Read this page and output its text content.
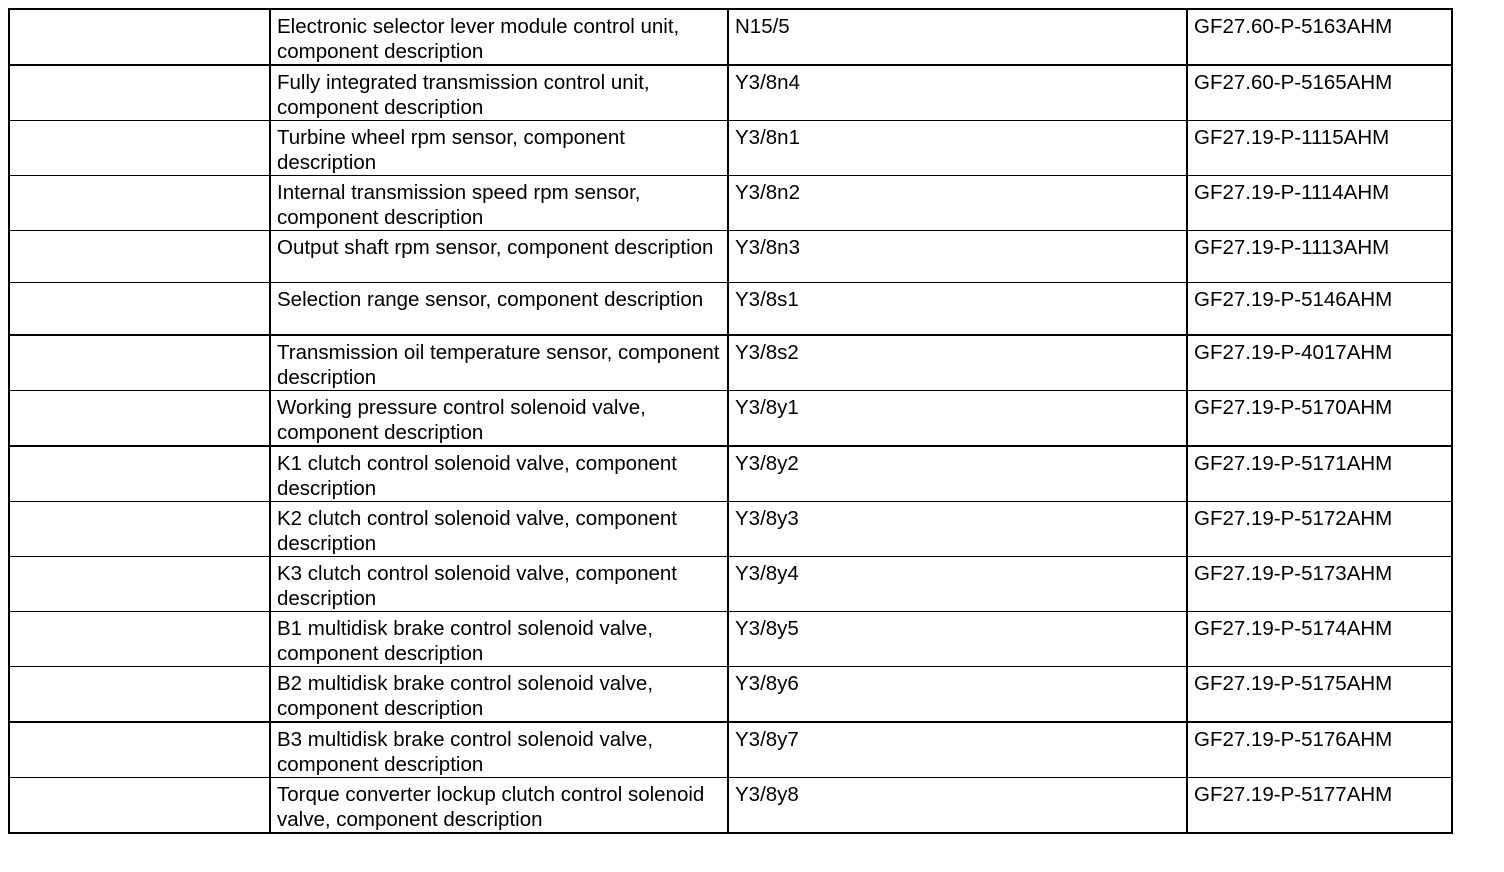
	Electronic selector lever module control unit, component description	N15/5	GF27.60-P-5163AHM
	Fully integrated transmission control unit, component description	Y3/8n4	GF27.60-P-5165AHM
	Turbine wheel rpm sensor, component description	Y3/8n1	GF27.19-P-1115AHM
	Internal transmission speed rpm sensor, component description	Y3/8n2	GF27.19-P-1114AHM
	Output shaft rpm sensor, component description	Y3/8n3	GF27.19-P-1113AHM
	Selection range sensor, component description	Y3/8s1	GF27.19-P-5146AHM
	Transmission oil temperature sensor, component description	Y3/8s2	GF27.19-P-4017AHM
	Working pressure control solenoid valve, component description	Y3/8y1	GF27.19-P-5170AHM
	K1 clutch control solenoid valve, component description	Y3/8y2	GF27.19-P-5171AHM
	K2 clutch control solenoid valve, component description	Y3/8y3	GF27.19-P-5172AHM
	K3 clutch control solenoid valve, component description	Y3/8y4	GF27.19-P-5173AHM
	B1 multidisk brake control solenoid valve, component description	Y3/8y5	GF27.19-P-5174AHM
	B2 multidisk brake control solenoid valve, component description	Y3/8y6	GF27.19-P-5175AHM
	B3 multidisk brake control solenoid valve, component description	Y3/8y7	GF27.19-P-5176AHM
	Torque converter lockup clutch control solenoid valve, component description	Y3/8y8	GF27.19-P-5177AHM
